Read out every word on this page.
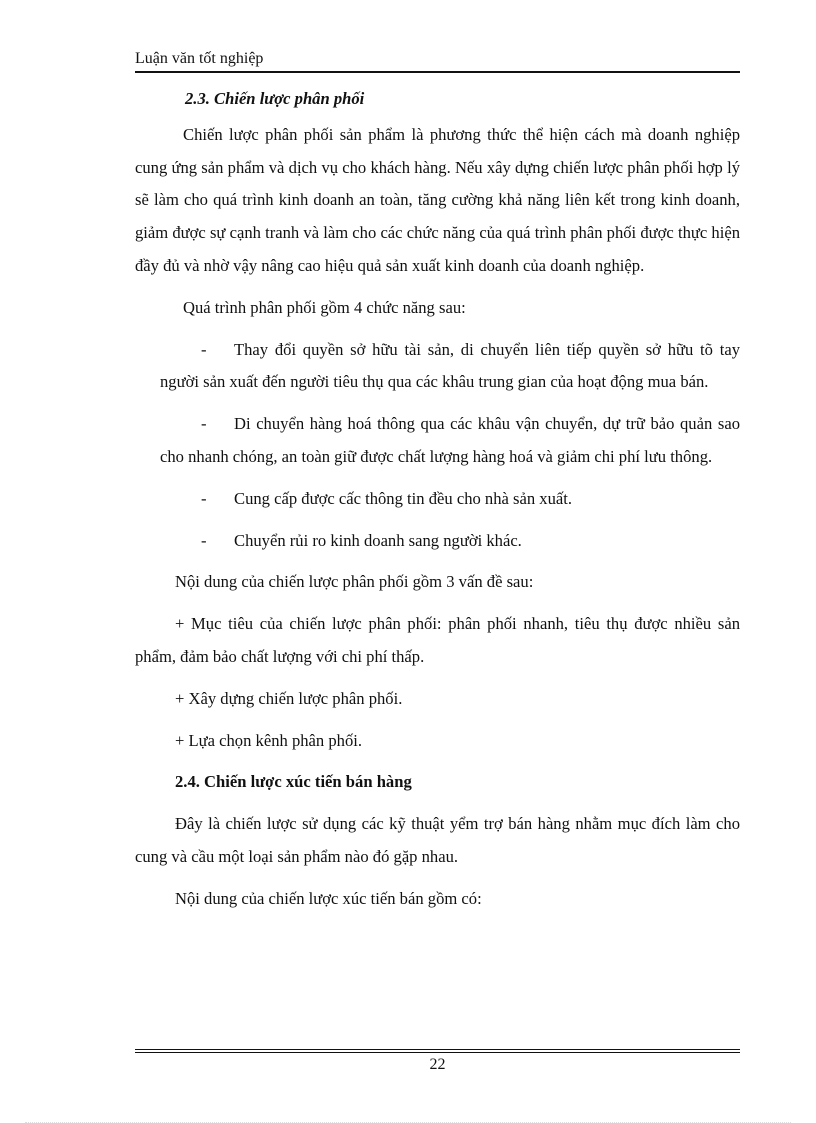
Luận văn tốt nghiệp

2.3. Chiến lược phân phối

Chiến lược phân phối sản phẩm là phương thức thể hiện cách mà doanh nghiệp cung ứng sản phẩm và dịch vụ cho khách hàng. Nếu xây dựng chiến lược phân phối hợp lý sẽ làm cho quá trình kinh doanh an toàn, tăng cường khả năng liên kết trong kinh doanh, giảm được sự cạnh tranh và làm cho các chức năng của quá trình phân phối được thực hiện đầy đủ và nhờ vậy nâng cao hiệu quả sản xuất kinh doanh của doanh nghiệp.

Quá trình phân phối gồm 4 chức năng sau:

-	Thay đổi quyền sở hữu tài sản, di chuyển liên tiếp quyền sở hữu tõ tay người sản xuất đến người tiêu thụ qua các khâu trung gian của hoạt động mua bán.

-	Di chuyển hàng hoá thông qua các khâu vận chuyển, dự trữ bảo quản sao cho nhanh chóng, an toàn giữ được chất lượng hàng hoá và giảm chi phí lưu thông.

-	Cung cấp được cấc thông tin đều cho nhà sản xuất.

-	Chuyển rủi ro kinh doanh sang người khác.

Nội dung của chiến lược phân phối gồm 3 vấn đề sau:

+ Mục tiêu của chiến lược phân phối: phân phối nhanh, tiêu thụ được nhiều sản phẩm, đảm bảo chất lượng với chi phí thấp.

+ Xây dựng chiến lược phân phối.

+ Lựa chọn kênh phân phối.

2.4. Chiến lược xúc tiến bán hàng

Đây là chiến lược sử dụng các kỹ thuật yểm trợ bán hàng nhằm mục đích làm cho cung và cầu một loại sản phẩm nào đó gặp nhau.

Nội dung của chiến lược xúc tiến bán gồm có:

22
